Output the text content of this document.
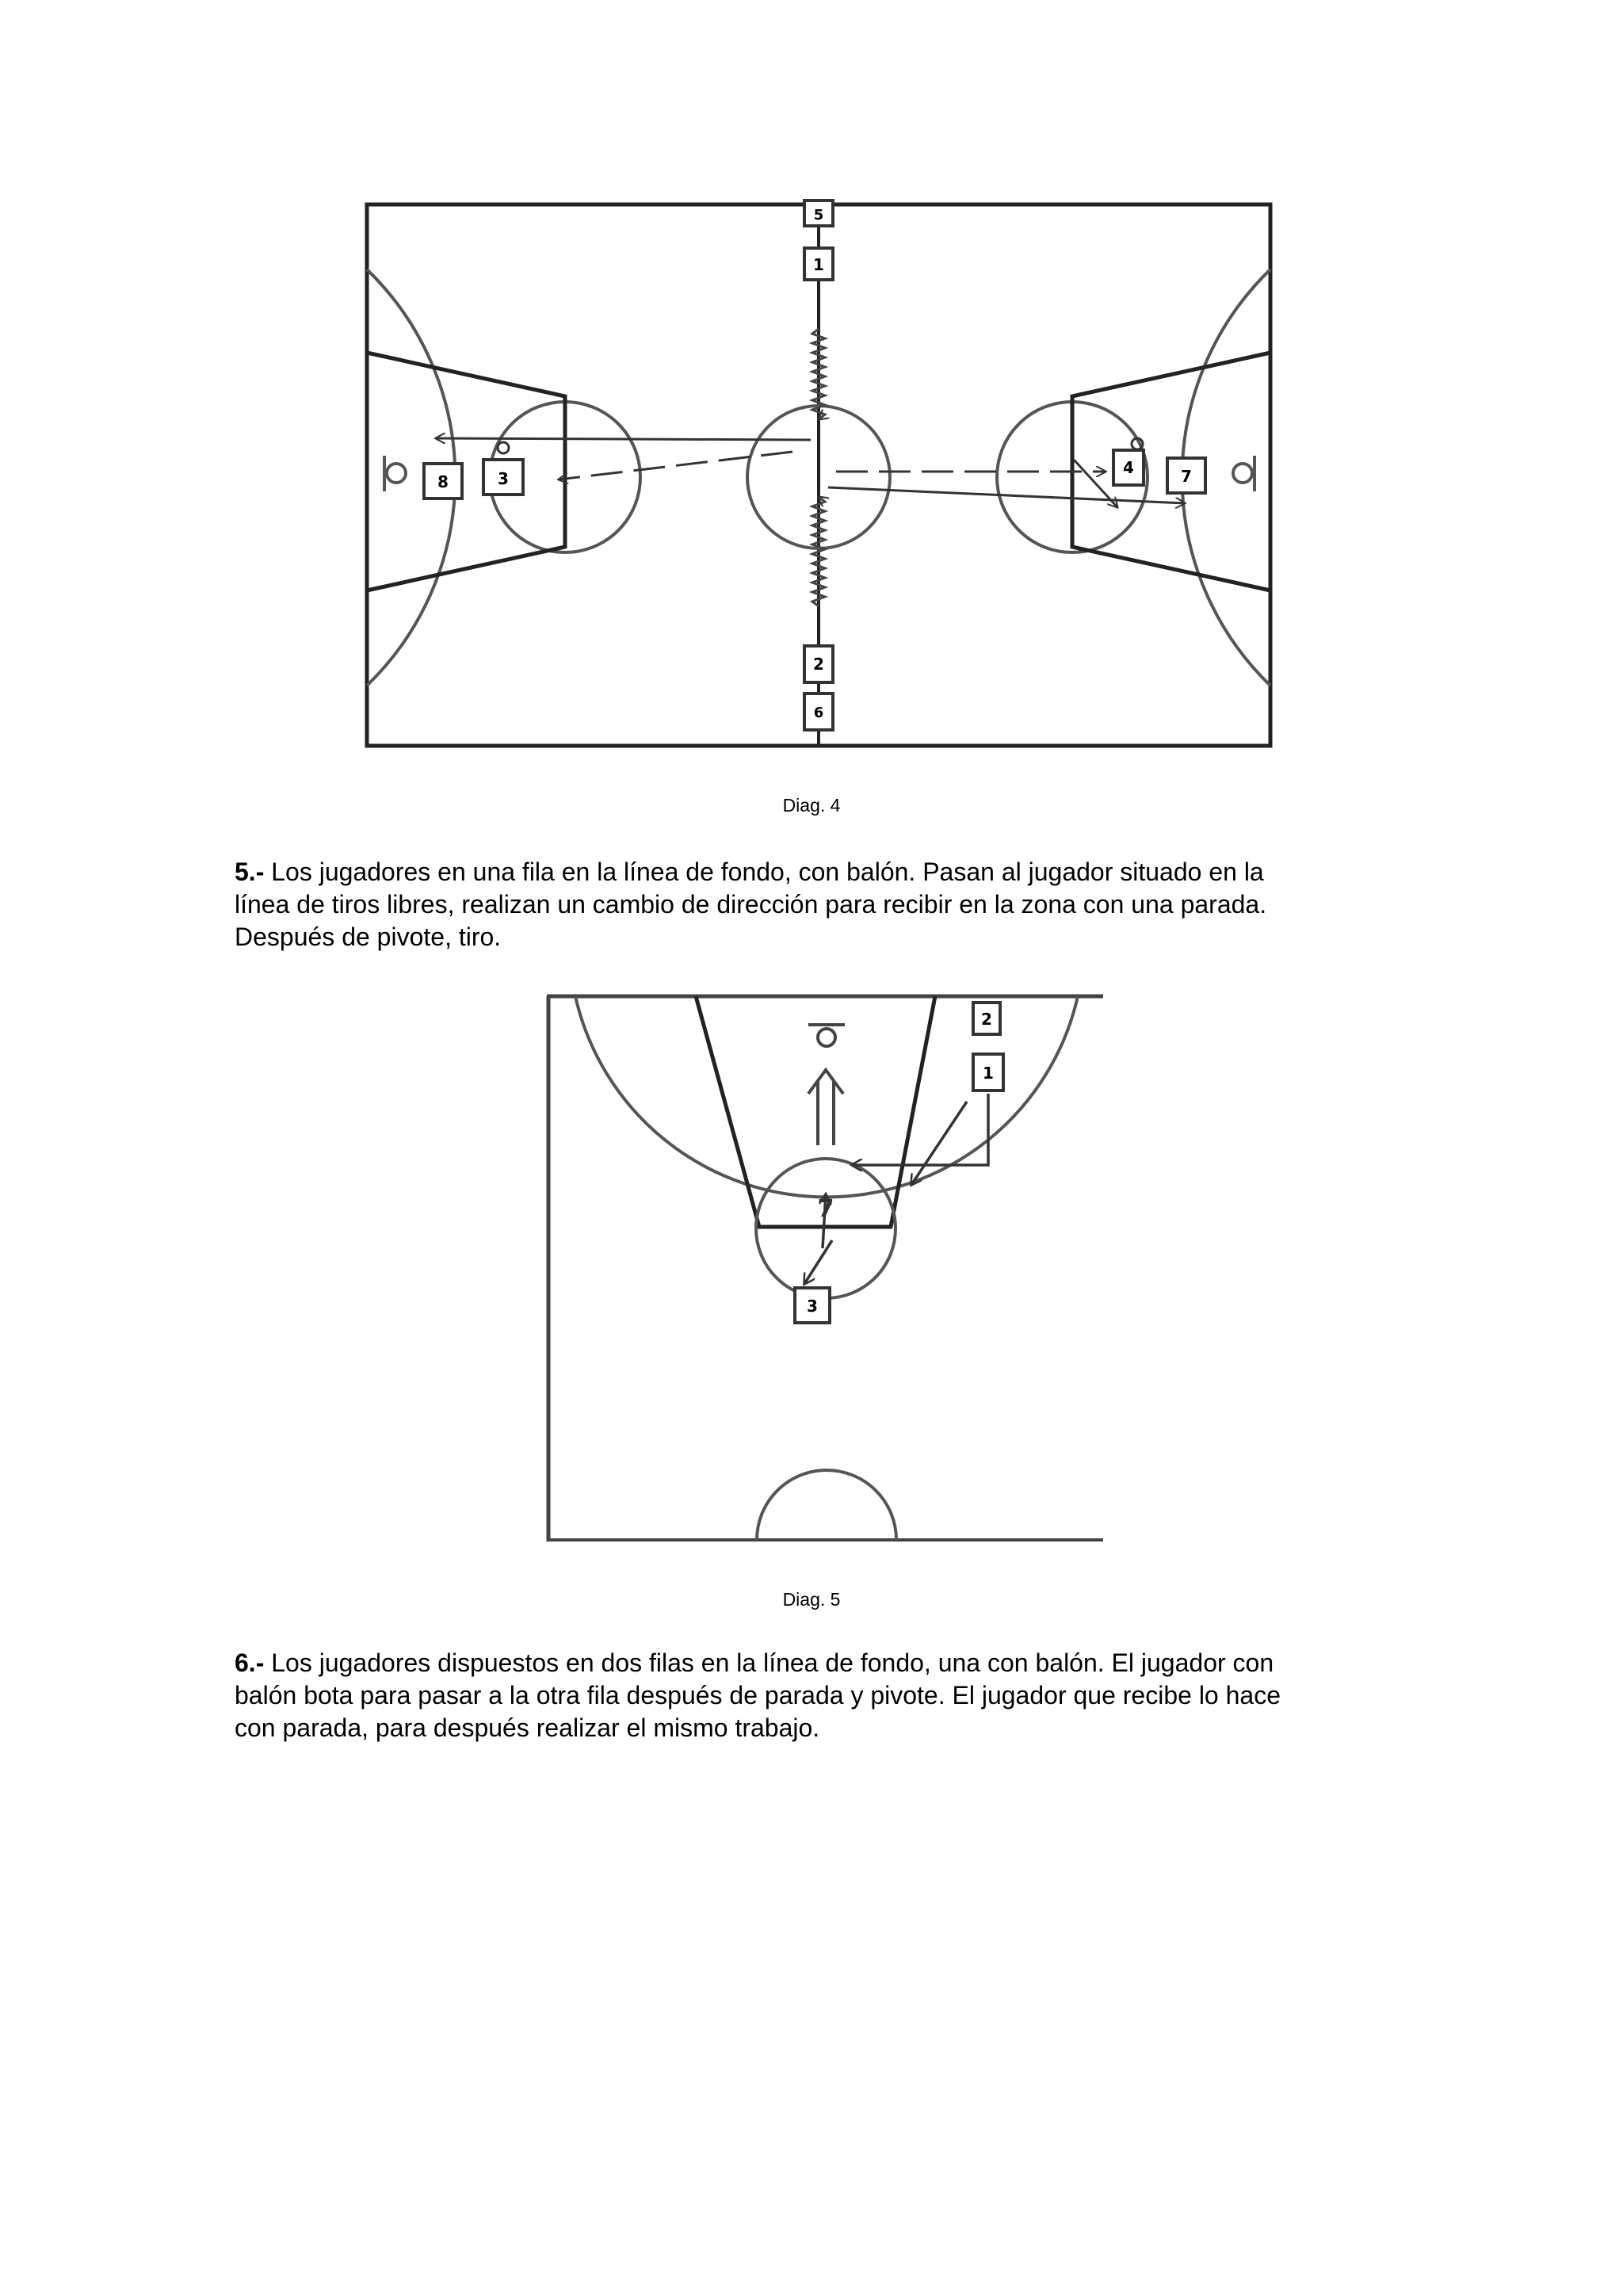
5
1
8	3
4	7
2
6
Diag. 4
5.- Los jugadores en una fila en la línea de fondo, con balón. Pasan al jugador situado en la
línea de tiros libres, realizan un cambio de dirección para recibir en la zona con una parada.
Después de pivote, tiro.
2
1
3
7
Diag. 5
6.- Los jugadores dispuestos en dos filas en la línea de fondo, una con balón. El jugador con
balón bota para pasar a la otra fila después de parada y pivote. El jugador que recibe lo hace
con parada, para después realizar el mismo trabajo.
